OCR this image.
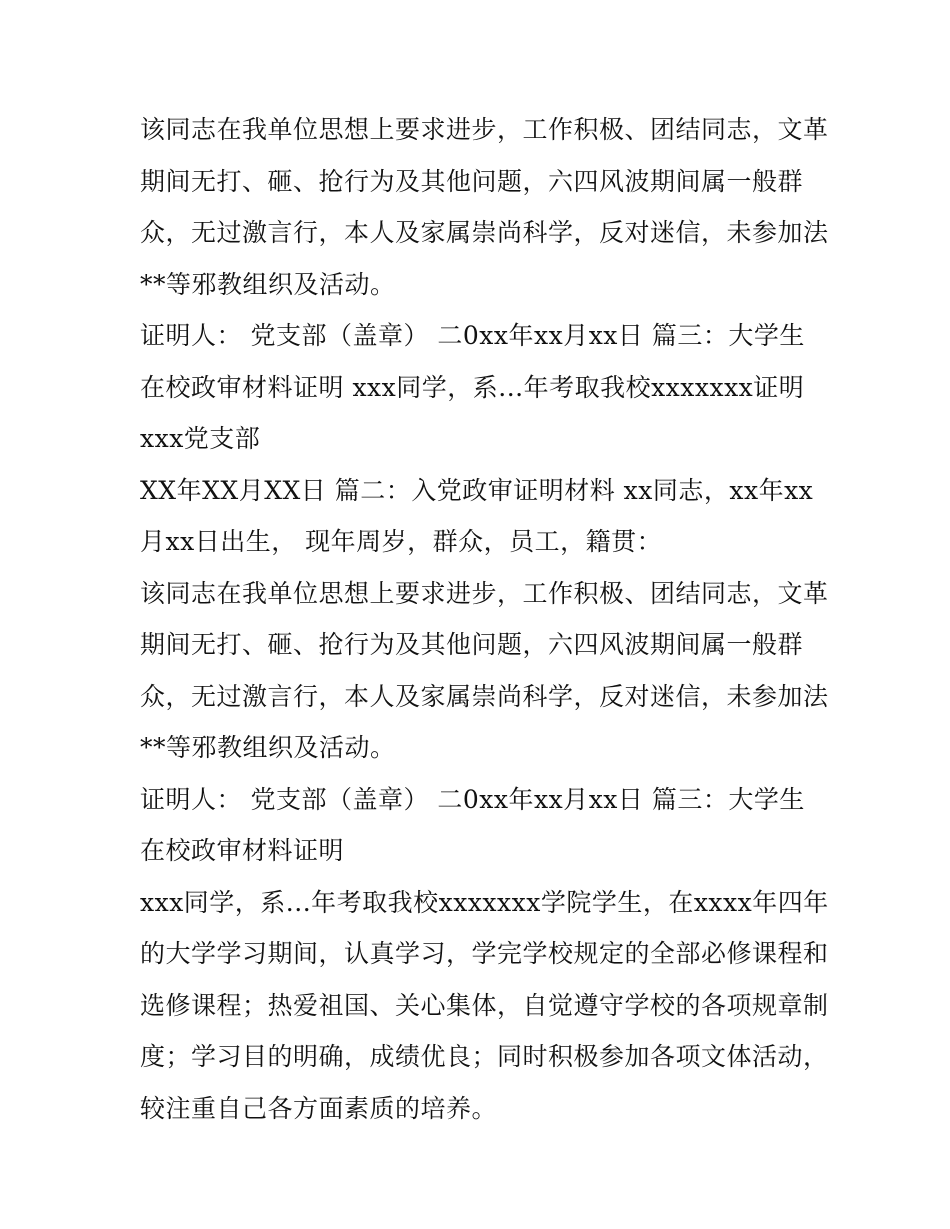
该同志在我单位思想上要求进步，工作积极、团结同志，文革
期间无打、砸、抢行为及其他问题，六四风波期间属一般群
众，无过激言行，本人及家属崇尚科学，反对迷信，未参加法
**等邪教组织及活动。
证明人： 党支部（盖章） 二0xx年xx月xx日 篇三：大学生
在校政审材料证明 xxx同学，系...年考取我校xxxxxxx证明
xxx党支部
XX年XX月XX日 篇二：入党政审证明材料 xx同志，xx年xx
月xx日出生， 现年周岁，群众，员工，籍贯：
该同志在我单位思想上要求进步，工作积极、团结同志，文革
期间无打、砸、抢行为及其他问题，六四风波期间属一般群
众，无过激言行，本人及家属崇尚科学，反对迷信，未参加法
**等邪教组织及活动。
证明人： 党支部（盖章） 二0xx年xx月xx日 篇三：大学生
在校政审材料证明
xxx同学，系...年考取我校xxxxxxx学院学生，在xxxx年四年
的大学学习期间，认真学习，学完学校规定的全部必修课程和
选修课程；热爱祖国、关心集体，自觉遵守学校的各项规章制
度；学习目的明确，成绩优良；同时积极参加各项文体活动，
较注重自己各方面素质的培养。
